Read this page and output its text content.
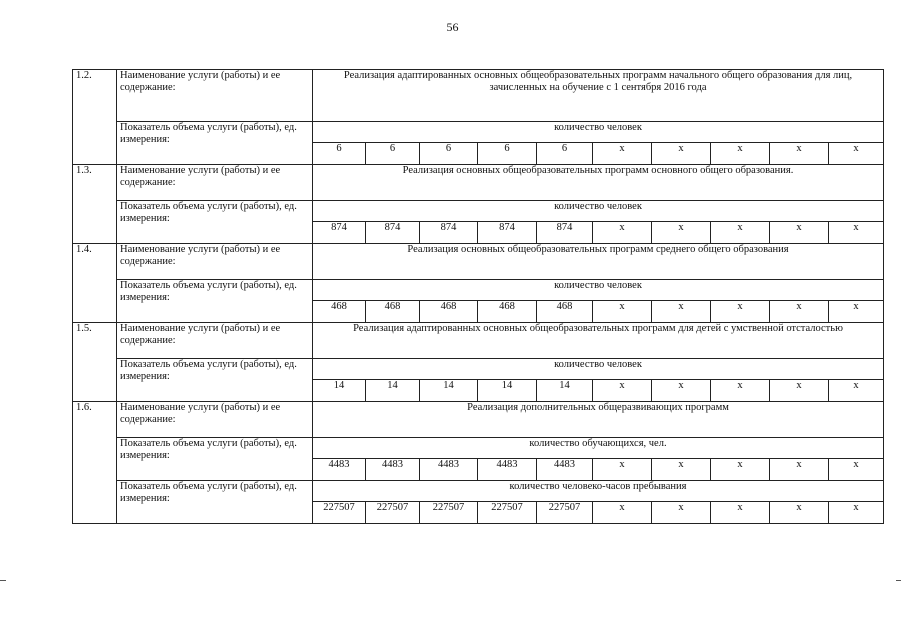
56
1.2.	Наименование услуги (работы) и ее содержание:	Реализация адаптированных основных общеобразовательных программ начального общего образования для лиц, зачисленных на обучение с 1 сентября 2016 года									
	Показатель объема услуги (работы), ед. измерения:	количество человек									
		6	6	6	6	6	х	х	х	х	х
1.3.	Наименование услуги (работы) и ее содержание:	Реализация основных общеобразовательных программ основного общего образования.									
	Показатель объема услуги (работы), ед. измерения:	количество человек									
		874	874	874	874	874	х	х	х	х	х
1.4.	Наименование услуги (работы) и ее содержание:	Реализация основных общеобразовательных программ среднего общего образования									
	Показатель объема услуги (работы), ед. измерения:	количество человек									
		468	468	468	468	468	х	х	х	х	х
1.5.	Наименование услуги (работы) и ее содержание:	Реализация адаптированных основных общеобразовательных программ для детей с умственной отсталостью									
	Показатель объема услуги (работы), ед. измерения:	количество человек									
		14	14	14	14	14	х	х	х	х	х
1.6.	Наименование услуги (работы) и ее содержание:	Реализация дополнительных общеразвивающих программ									
	Показатель объема услуги (работы), ед. измерения:	количество обучающихся, чел.									
		4483	4483	4483	4483	4483	х	х	х	х	х
	Показатель объема услуги (работы), ед. измерения:	количество человеко-часов пребывания									
		227507	227507	227507	227507	227507	х	х	х	х	х
